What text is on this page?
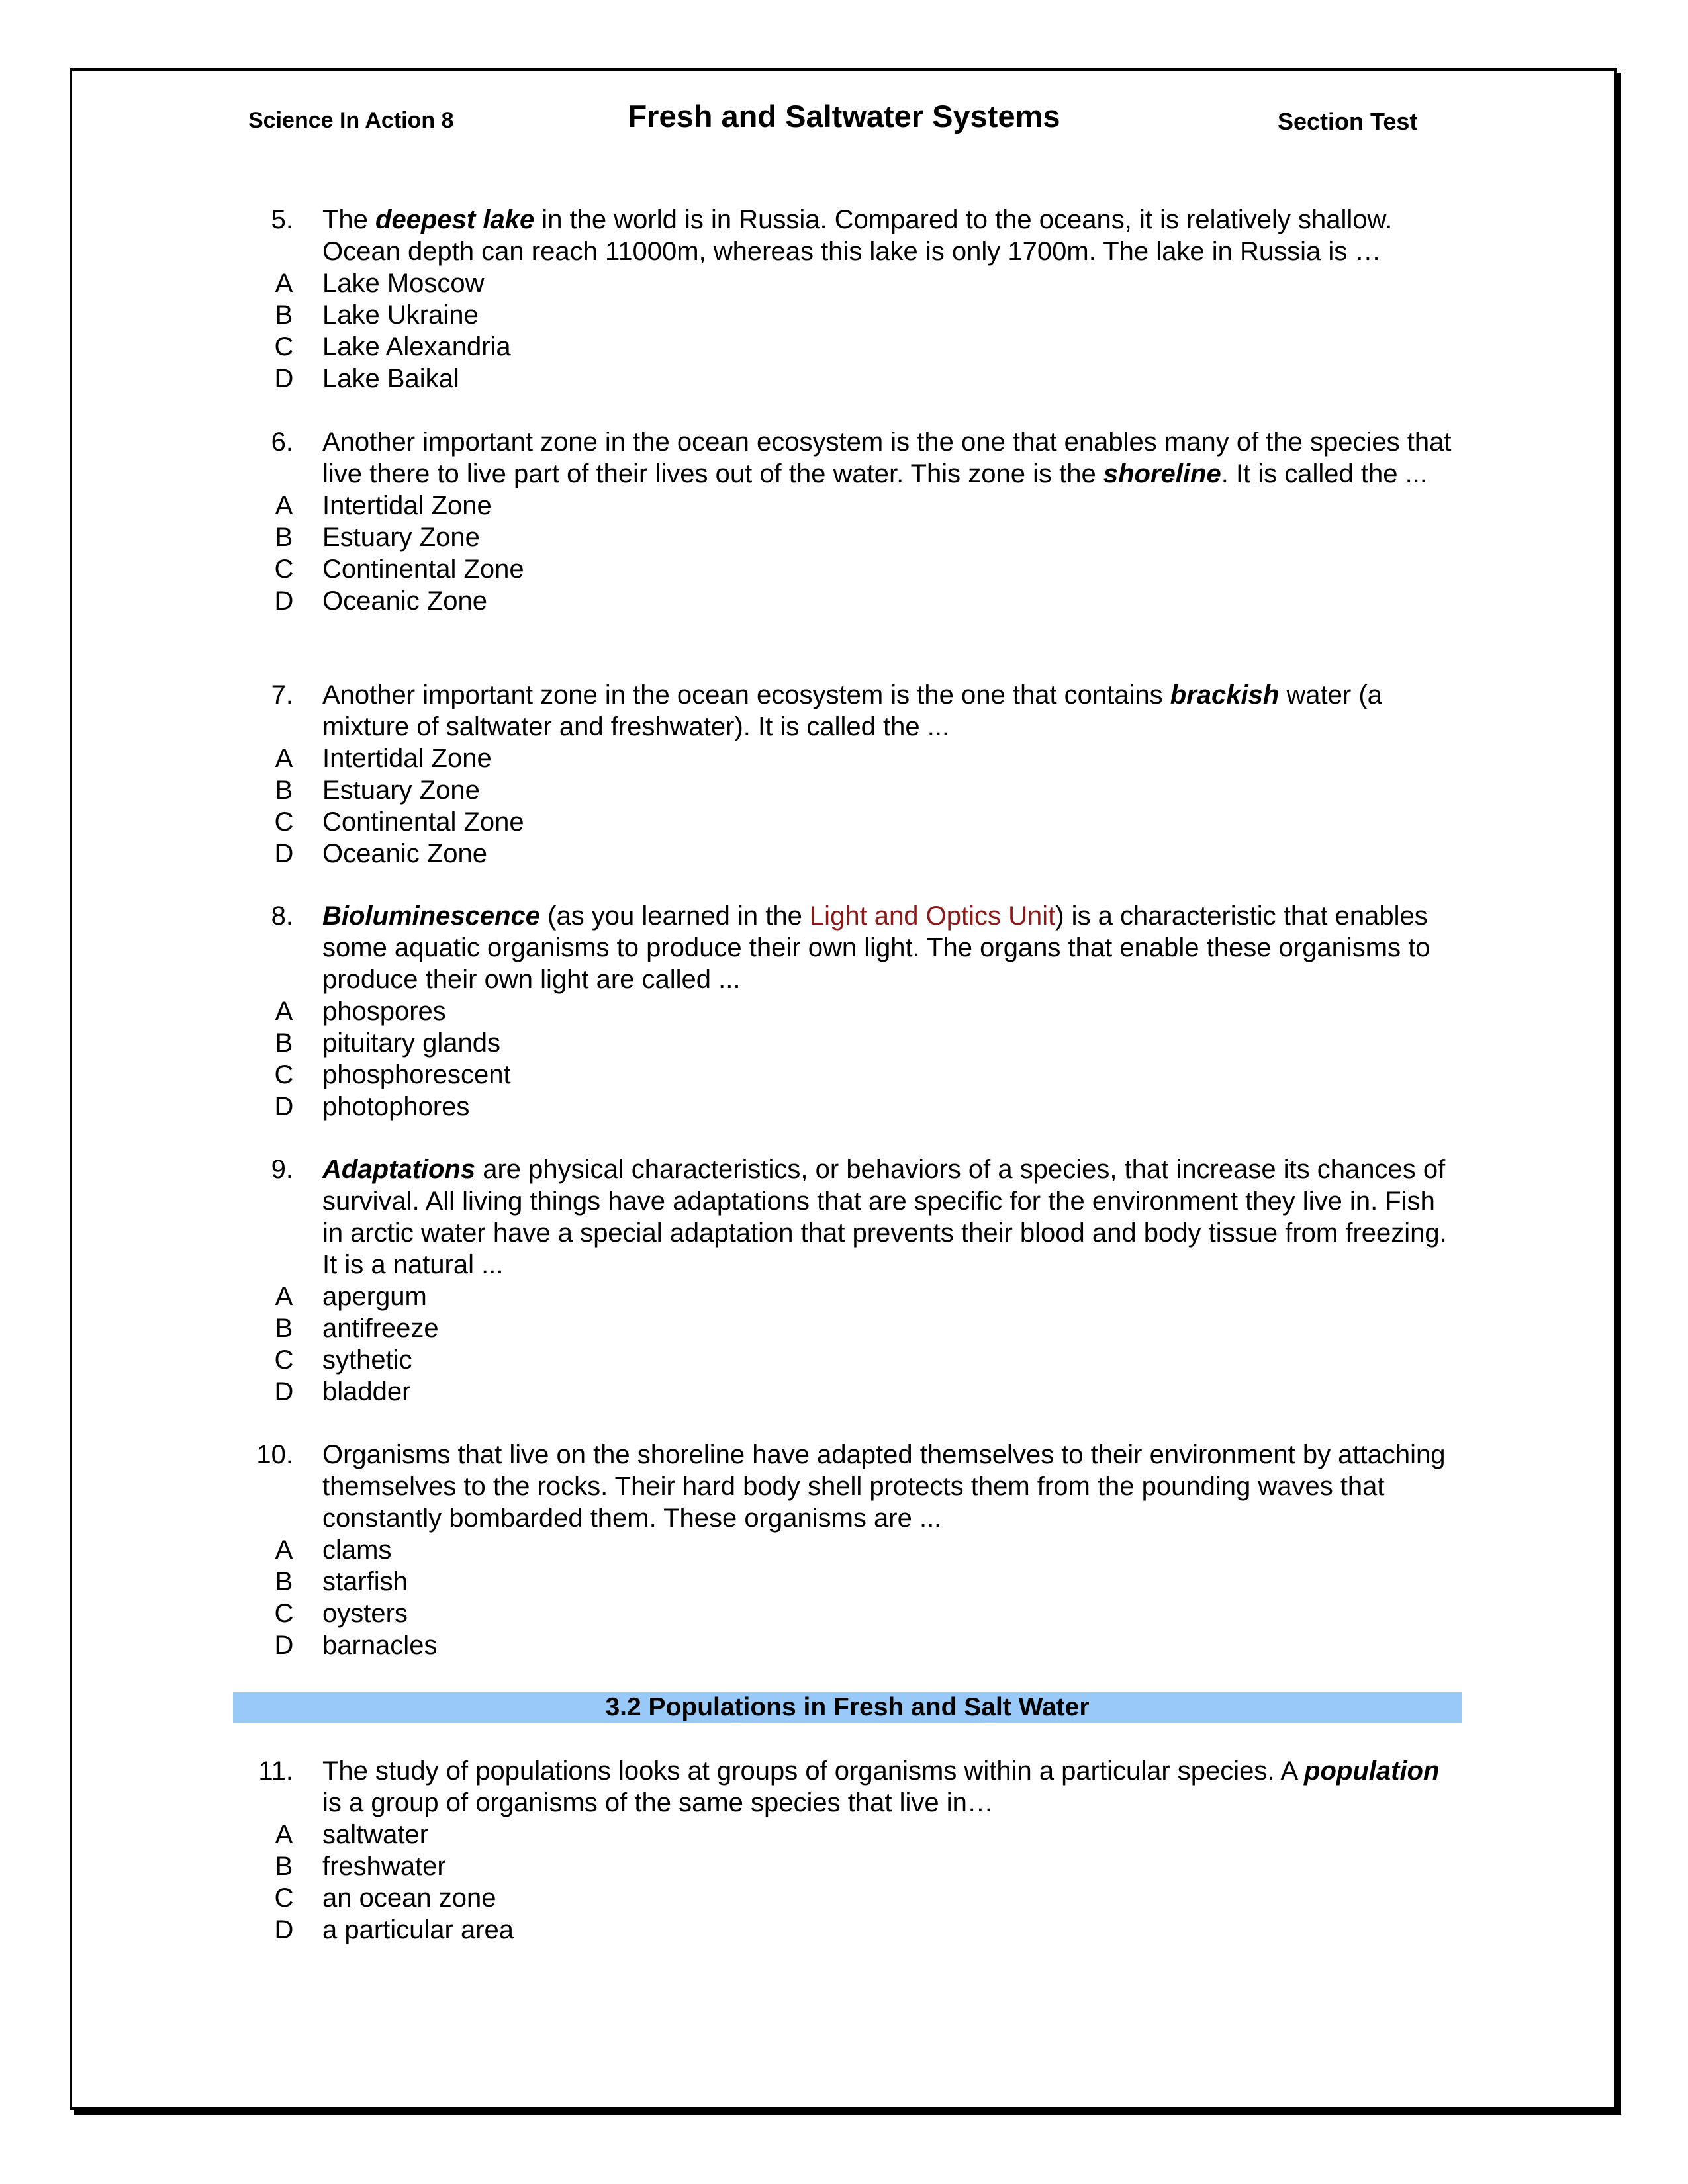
Science In Action 8	Fresh and Saltwater Systems	Section Test
5. The deepest lake in the world is in Russia. Compared to the oceans, it is relatively shallow. Ocean depth can reach 11000m, whereas this lake is only 1700m. The lake in Russia is …
A Lake Moscow
B Lake Ukraine
C Lake Alexandria
D Lake Baikal
6. Another important zone in the ocean ecosystem is the one that enables many of the species that live there to live part of their lives out of the water. This zone is the shoreline. It is called the ...
A Intertidal Zone
B Estuary Zone
C Continental Zone
D Oceanic Zone
7. Another important zone in the ocean ecosystem is the one that contains brackish water (a mixture of saltwater and freshwater). It is called the ...
A Intertidal Zone
B Estuary Zone
C Continental Zone
D Oceanic Zone
8. Bioluminescence (as you learned in the Light and Optics Unit) is a characteristic that enables some aquatic organisms to produce their own light. The organs that enable these organisms to produce their own light are called ...
A phospores
B pituitary glands
C phosphorescent
D photophores
9. Adaptations are physical characteristics, or behaviors of a species, that increase its chances of survival. All living things have adaptations that are specific for the environment they live in. Fish in arctic water have a special adaptation that prevents their blood and body tissue from freezing. It is a natural ...
A apergum
B antifreeze
C sythetic
D bladder
10. Organisms that live on the shoreline have adapted themselves to their environment by attaching themselves to the rocks. Their hard body shell protects them from the pounding waves that constantly bombarded them. These organisms are ...
A clams
B starfish
C oysters
D barnacles
3.2 Populations in Fresh and Salt Water
11. The study of populations looks at groups of organisms within a particular species. A population is a group of organisms of the same species that live in…
A saltwater
B freshwater
C an ocean zone
D a particular area
